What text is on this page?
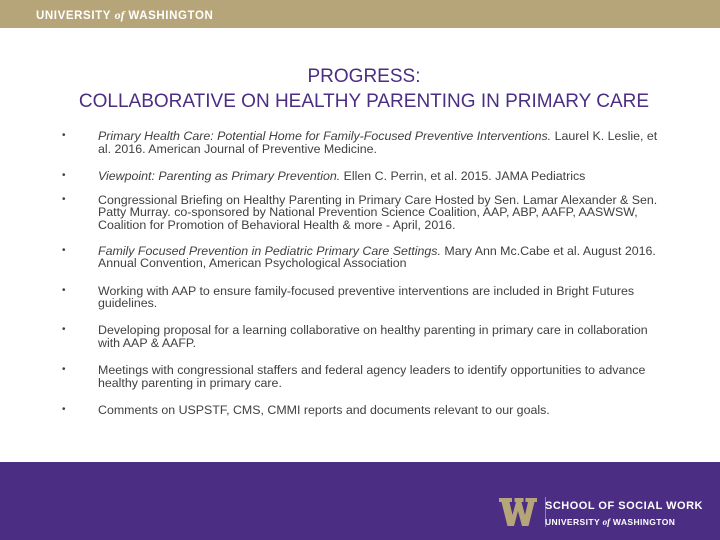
UNIVERSITY of WASHINGTON
PROGRESS:
COLLABORATIVE ON HEALTHY PARENTING IN PRIMARY CARE
•	Primary Health Care: Potential Home for Family-Focused Preventive Interventions. Laurel K. Leslie, et al. 2016. American Journal of Preventive Medicine.
•	Viewpoint: Parenting as Primary Prevention. Ellen C. Perrin, et al. 2015. JAMA Pediatrics
•	Congressional Briefing on Healthy Parenting in Primary Care Hosted by Sen. Lamar Alexander & Sen. Patty Murray. co-sponsored by National Prevention Science Coalition, AAP, ABP, AAFP, AASWSW, Coalition for Promotion of Behavioral Health & more - April, 2016.
•	Family Focused Prevention in Pediatric Primary Care Settings. Mary Ann Mc.Cabe et al. August 2016. Annual Convention, American Psychological Association
•	Working with AAP to ensure family-focused preventive interventions are included in Bright Futures guidelines.
•	Developing proposal for a learning collaborative on healthy parenting in primary care in collaboration with AAP & AAFP.
•	Meetings with congressional staffers and federal agency leaders to identify opportunities to advance healthy parenting in primary care.
•	Comments on USPSTF, CMS, CMMI reports and documents relevant to our goals.
SCHOOL OF SOCIAL WORK
UNIVERSITY of WASHINGTON
